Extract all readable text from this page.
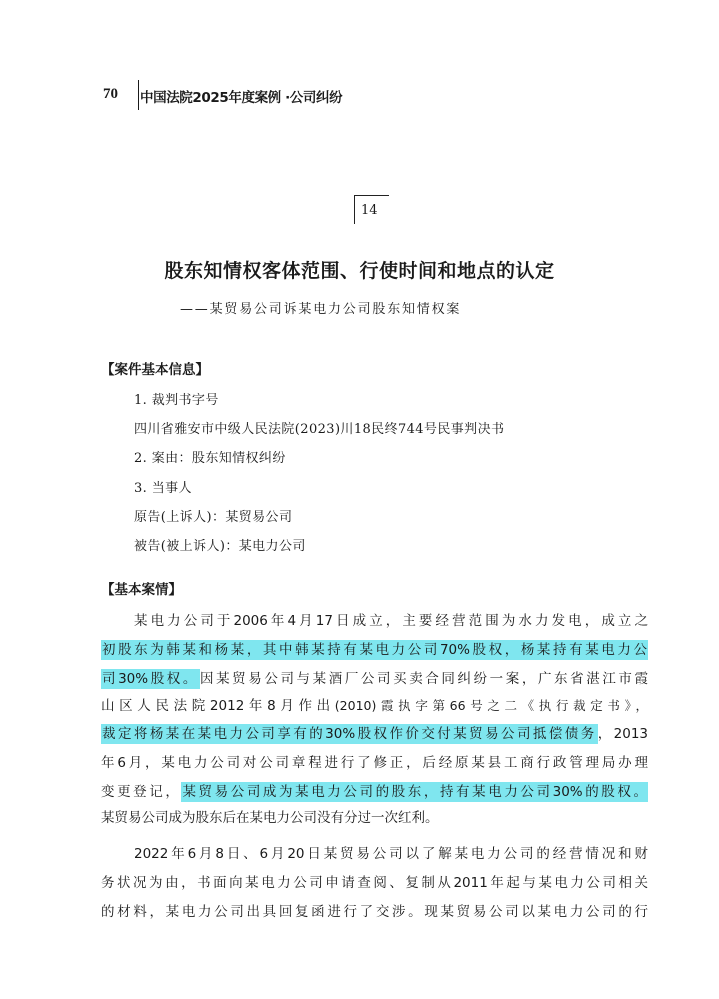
70 中国法院2025年度案例 ·公司纠纷
14
股东知情权客体范围、行使时间和地点的认定
——某贸易公司诉某电力公司股东知情权案
【案件基本信息】
1. 裁判书字号
四川省雅安市中级人民法院(2023)川18民终744号民事判决书
2. 案由：股东知情权纠纷
3. 当事人
原告(上诉人)：某贸易公司
被告(被上诉人)：某电力公司
【基本案情】
某电力公司于2006年4月17日成立，主要经营范围为水力发电，成立之
初股东为韩某和杨某，其中韩某持有某电力公司70%股权，杨某持有某电力公
司30%股权。因某贸易公司与某酒厂公司买卖合同纠纷一案，广东省湛江市霞
山区人民法院2012年8月作出(2010)霞执字第66号之二《执行裁定书》，
裁定将杨某在某电力公司享有的30%股权作价交付某贸易公司抵偿债务，2013
年6月，某电力公司对公司章程进行了修正，后经原某县工商行政管理局办理
变更登记，某贸易公司成为某电力公司的股东，持有某电力公司30%的股权。
某贸易公司成为股东后在某电力公司没有分过一次红利。
2022年6月8日、6月20日某贸易公司以了解某电力公司的经营情况和财
务状况为由，书面向某电力公司申请查阅、复制从2011年起与某电力公司相关
的材料，某电力公司出具回复函进行了交涉。现某贸易公司以某电力公司的行
